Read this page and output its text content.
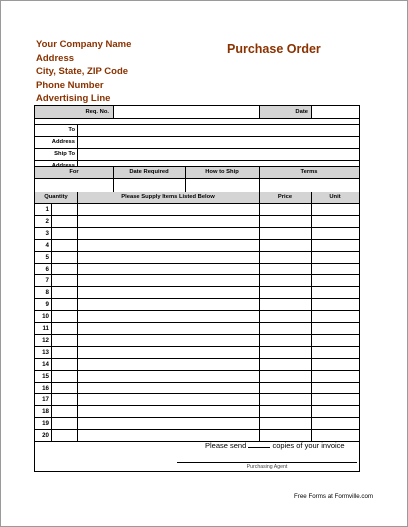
Your Company Name
Address
City, State, ZIP Code
Phone Number
Advertising Line
Purchase Order
Req. No.	Date
To
Address
Ship To
For	Date Required	How to Ship	Terms
Quantity	Please Supply Items Listed Below	Price	Unit
1
2
3
4
5
6
7
8
9
10
11
12
13
14
15
16
17
18
19
20
Please send	copies of your invoice
Purchasing Agent
Free Forms at Formville.com
